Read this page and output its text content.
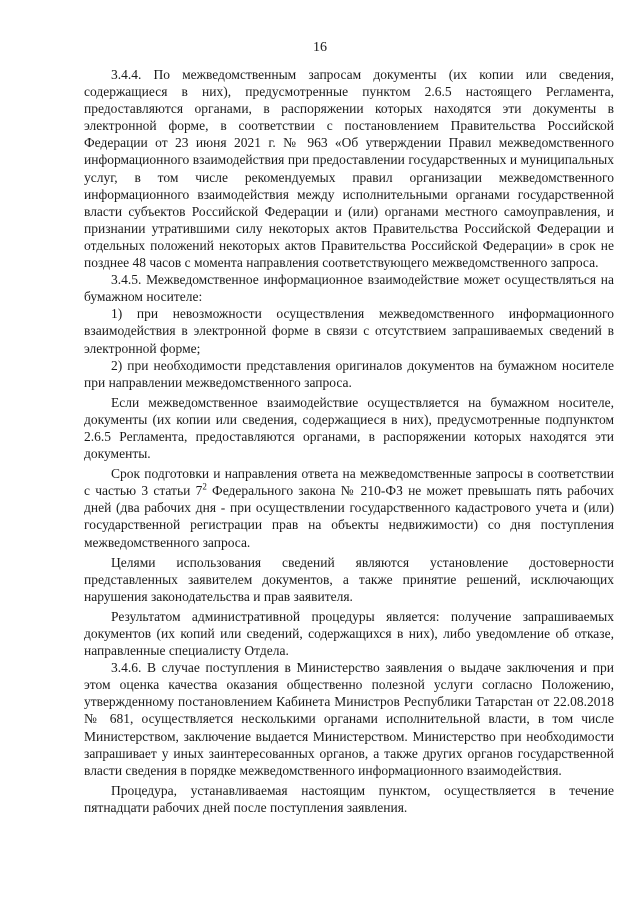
16

3.4.4. По межведомственным запросам документы (их копии или сведения, содержащиеся в них), предусмотренные пунктом 2.6.5 настоящего Регламента, предоставляются органами, в распоряжении которых находятся эти документы в электронной форме, в соответствии с постановлением Правительства Российской Федерации от 23 июня 2021 г. № 963 «Об утверждении Правил межведомственного информационного взаимодействия при предоставлении государственных и муниципальных услуг, в том числе рекомендуемых правил организации межведомственного информационного взаимодействия между исполнительными органами государственной власти субъектов Российской Федерации и (или) органами местного самоуправления, и признании утратившими силу некоторых актов Правительства Российской Федерации и отдельных положений некоторых актов Правительства Российской Федерации» в срок не позднее 48 часов с момента направления соответствующего межведомственного запроса.

3.4.5. Межведомственное информационное взаимодействие может осуществляться на бумажном носителе:

1) при невозможности осуществления межведомственного информационного взаимодействия в электронной форме в связи с отсутствием запрашиваемых сведений в электронной форме;

2) при необходимости представления оригиналов документов на бумажном носителе при направлении межведомственного запроса.

Если межведомственное взаимодействие осуществляется на бумажном носителе, документы (их копии или сведения, содержащиеся в них), предусмотренные подпунктом 2.6.5 Регламента, предоставляются органами, в распоряжении которых находятся эти документы.

Срок подготовки и направления ответа на межведомственные запросы в соответствии с частью 3 статьи $7^2$ Федерального закона № 210-ФЗ не может превышать пять рабочих дней (два рабочих дня - при осуществлении государственного кадастрового учета и (или) государственной регистрации прав на объекты недвижимости) со дня поступления межведомственного запроса.

Целями использования сведений являются установление достоверности представленных заявителем документов, а также принятие решений, исключающих нарушения законодательства и прав заявителя.

Результатом административной процедуры является: получение запрашиваемых документов (их копий или сведений, содержащихся в них), либо уведомление об отказе, направленные специалисту Отдела.

3.4.6. В случае поступления в Министерство заявления о выдаче заключения и при этом оценка качества оказания общественно полезной услуги согласно Положению, утвержденному постановлением Кабинета Министров Республики Татарстан от 22.08.2018 № 681, осуществляется несколькими органами исполнительной власти, в том числе Министерством, заключение выдается Министерством. Министерство при необходимости запрашивает у иных заинтересованных органов, а также других органов государственной власти сведения в порядке межведомственного информационного взаимодействия.

Процедура, устанавливаемая настоящим пунктом, осуществляется в течение пятнадцати рабочих дней после поступления заявления.
